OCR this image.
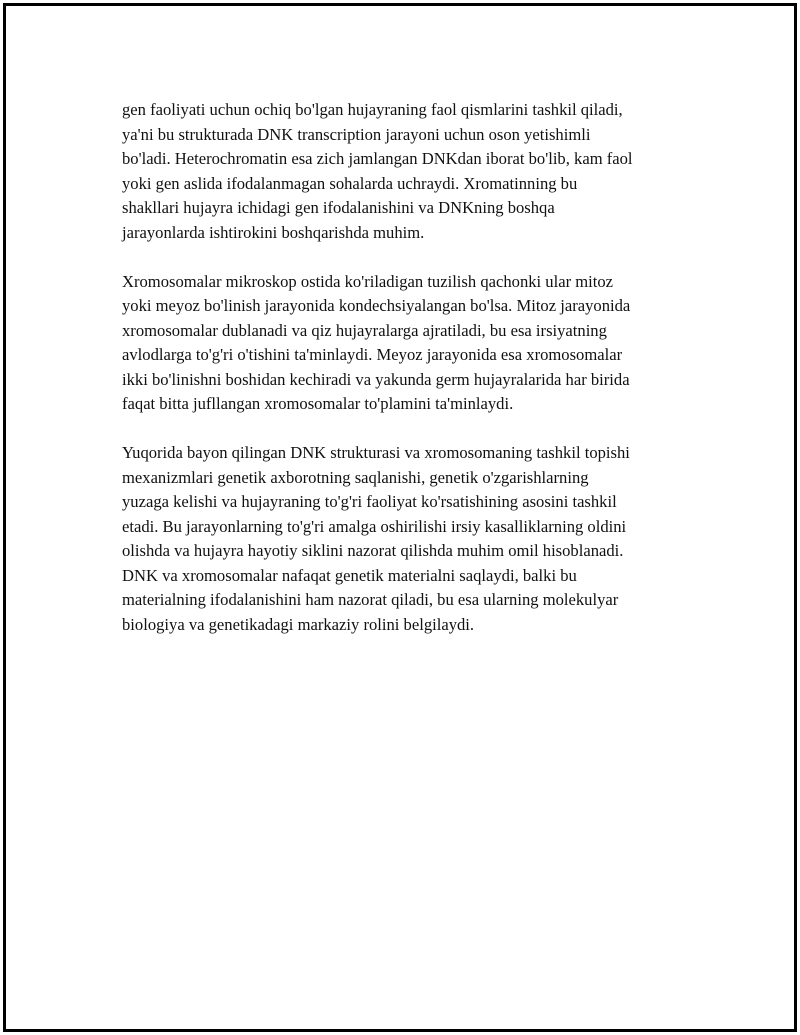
gen faoliyati uchun ochiq bo'lgan hujayraning faol qismlarini tashkil qiladi,
ya'ni bu strukturada DNK transcription jarayoni uchun oson yetishimli
bo'ladi. Heterochromatin esa zich jamlangan DNKdan iborat bo'lib, kam faol
yoki gen aslida ifodalanmagan sohalarda uchraydi. Xromatinning bu
shakllari hujayra ichidagi gen ifodalanishini va DNKning boshqa
jarayonlarda ishtirokini boshqarishda muhim.

Xromosomalar mikroskop ostida ko'riladigan tuzilish qachonki ular mitoz
yoki meyoz bo'linish jarayonida kondechsiyalangan bo'lsa. Mitoz jarayonida
xromosomalar dublanadi va qiz hujayralarga ajratiladi, bu esa irsiyatning
avlodlarga to'g'ri o'tishini ta'minlaydi. Meyoz jarayonida esa xromosomalar
ikki bo'linishni boshidan kechiradi va yakunda germ hujayralarida har birida
faqat bitta jufllangan xromosomalar to'plamini ta'minlaydi.

Yuqorida bayon qilingan DNK strukturasi va xromosomaning tashkil topishi
mexanizmlari genetik axborotning saqlanishi, genetik o'zgarishlarning
yuzaga kelishi va hujayraning to'g'ri faoliyat ko'rsatishining asosini tashkil
etadi. Bu jarayonlarning to'g'ri amalga oshirilishi irsiy kasalliklarning oldini
olishda va hujayra hayotiy siklini nazorat qilishda muhim omil hisoblanadi.
DNK va xromosomalar nafaqat genetik materialni saqlaydi, balki bu
materialning ifodalanishini ham nazorat qiladi, bu esa ularning molekulyar
biologiya va genetikadagi markaziy rolini belgilaydi.
